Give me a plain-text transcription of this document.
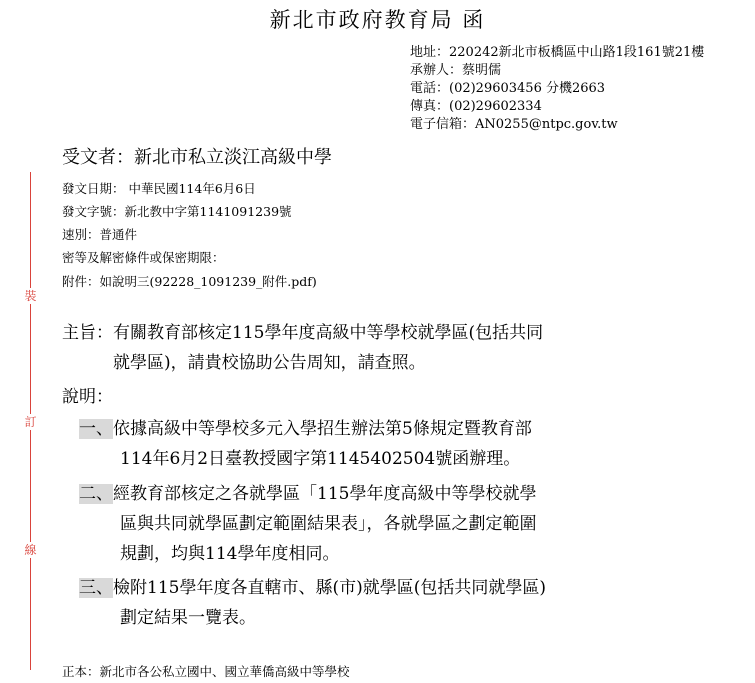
新北市政府教育局 函
地址：220242新北市板橋區中山路1段161號21樓
承辦人：蔡明儒
電話：(02)29603456 分機2663
傳真：(02)29602334
電子信箱：AN0255@ntpc.gov.tw
受文者：新北市私立淡江高級中學
發文日期： 中華民國114年6月6日
發文字號：新北教中字第1141091239號
速別：普通件
密等及解密條件或保密期限：
附件：如說明三(92228_1091239_附件.pdf)
裝
訂
線
主旨：有關教育部核定115學年度高級中等學校就學區(包括共同
就學區)，請貴校協助公告周知，請查照。
說明：
一、依據高級中等學校多元入學招生辦法第5條規定暨教育部
114年6月2日臺教授國字第1145402504號函辦理。
二、經教育部核定之各就學區「115學年度高級中等學校就學
區與共同就學區劃定範圍結果表」，各就學區之劃定範圍
規劃，均與114學年度相同。
三、檢附115學年度各直轄市、縣(市)就學區(包括共同就學區)
劃定結果一覽表。
正本：新北市各公私立國中、國立華僑高級中等學校
